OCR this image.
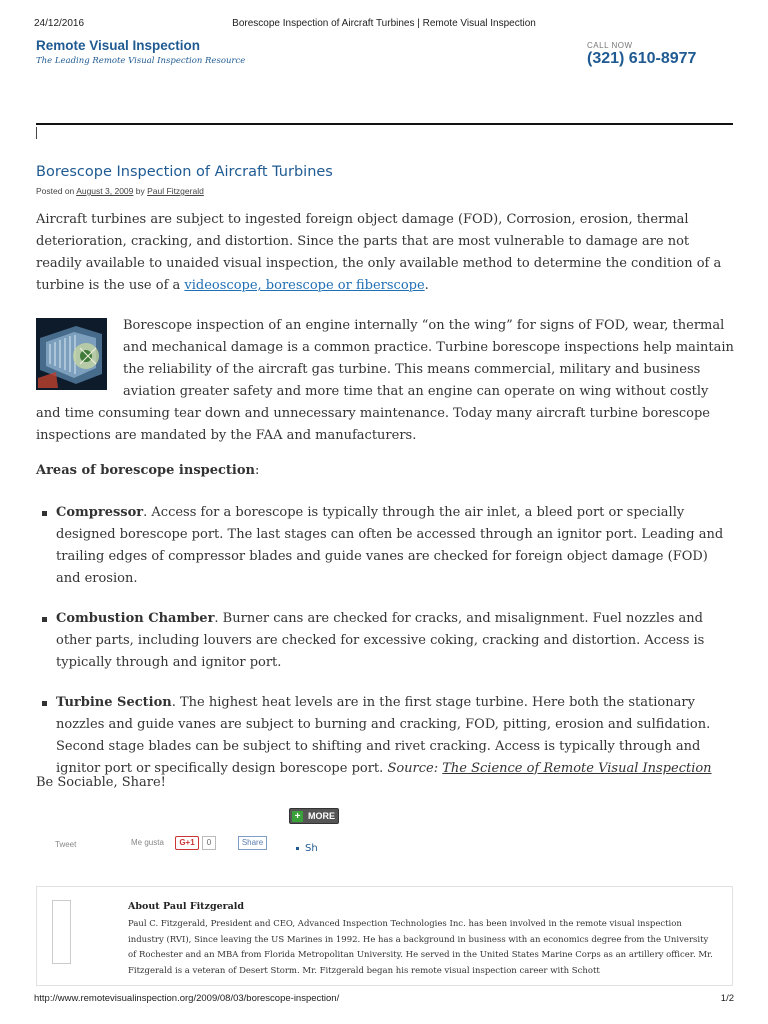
24/12/2016	Borescope Inspection of Aircraft Turbines | Remote Visual Inspection
Remote Visual Inspection
The Leading Remote Visual Inspection Resource
CALL NOW
(321) 610-8977
Borescope Inspection of Aircraft Turbines
Posted on August 3, 2009 by Paul Fitzgerald
Aircraft turbines are subject to ingested foreign object damage (FOD), Corrosion, erosion, thermal deterioration, cracking, and distortion. Since the parts that are most vulnerable to damage are not readily available to unaided visual inspection, the only available method to determine the condition of a turbine is the use of a videoscope, borescope or fiberscope.
Borescope inspection of an engine internally “on the wing” for signs of FOD, wear, thermal and mechanical damage is a common practice. Turbine borescope inspections help maintain the reliability of the aircraft gas turbine. This means commercial, military and business aviation greater safety and more time that an engine can operate on wing without costly and time consuming tear down and unnecessary maintenance. Today many aircraft turbine borescope inspections are mandated by the FAA and manufacturers.
Areas of borescope inspection:
Compressor. Access for a borescope is typically through the air inlet, a bleed port or specially designed borescope port. The last stages can often be accessed through an ignitor port. Leading and trailing edges of compressor blades and guide vanes are checked for foreign object damage (FOD) and erosion.
Combustion Chamber. Burner cans are checked for cracks, and misalignment. Fuel nozzles and other parts, including louvers are checked for excessive coking, cracking and distortion. Access is typically through and ignitor port.
Turbine Section. The highest heat levels are in the first stage turbine. Here both the stationary nozzles and guide vanes are subject to burning and cracking, FOD, pitting, erosion and sulfidation. Second stage blades can be subject to shifting and rivet cracking. Access is typically through and ignitor port or specifically design borescope port. Source: The Science of Remote Visual Inspection
Be Sociable, Share!
+ MORE
Tweet	Me gusta	G+1	0	Share
Sh
About Paul Fitzgerald
Paul C. Fitzgerald, President and CEO, Advanced Inspection Technologies Inc. has been involved in the remote visual inspection industry (RVI), Since leaving the US Marines in 1992. He has a background in business with an economics degree from the University of Rochester and an MBA from Florida Metropolitan University. He served in the United States Marine Corps as an artillery officer. Mr. Fitzgerald is a veteran of Desert Storm. Mr. Fitzgerald began his remote visual inspection career with Schott
http://www.remotevisualinspection.org/2009/08/03/borescope-inspection/	1/2
